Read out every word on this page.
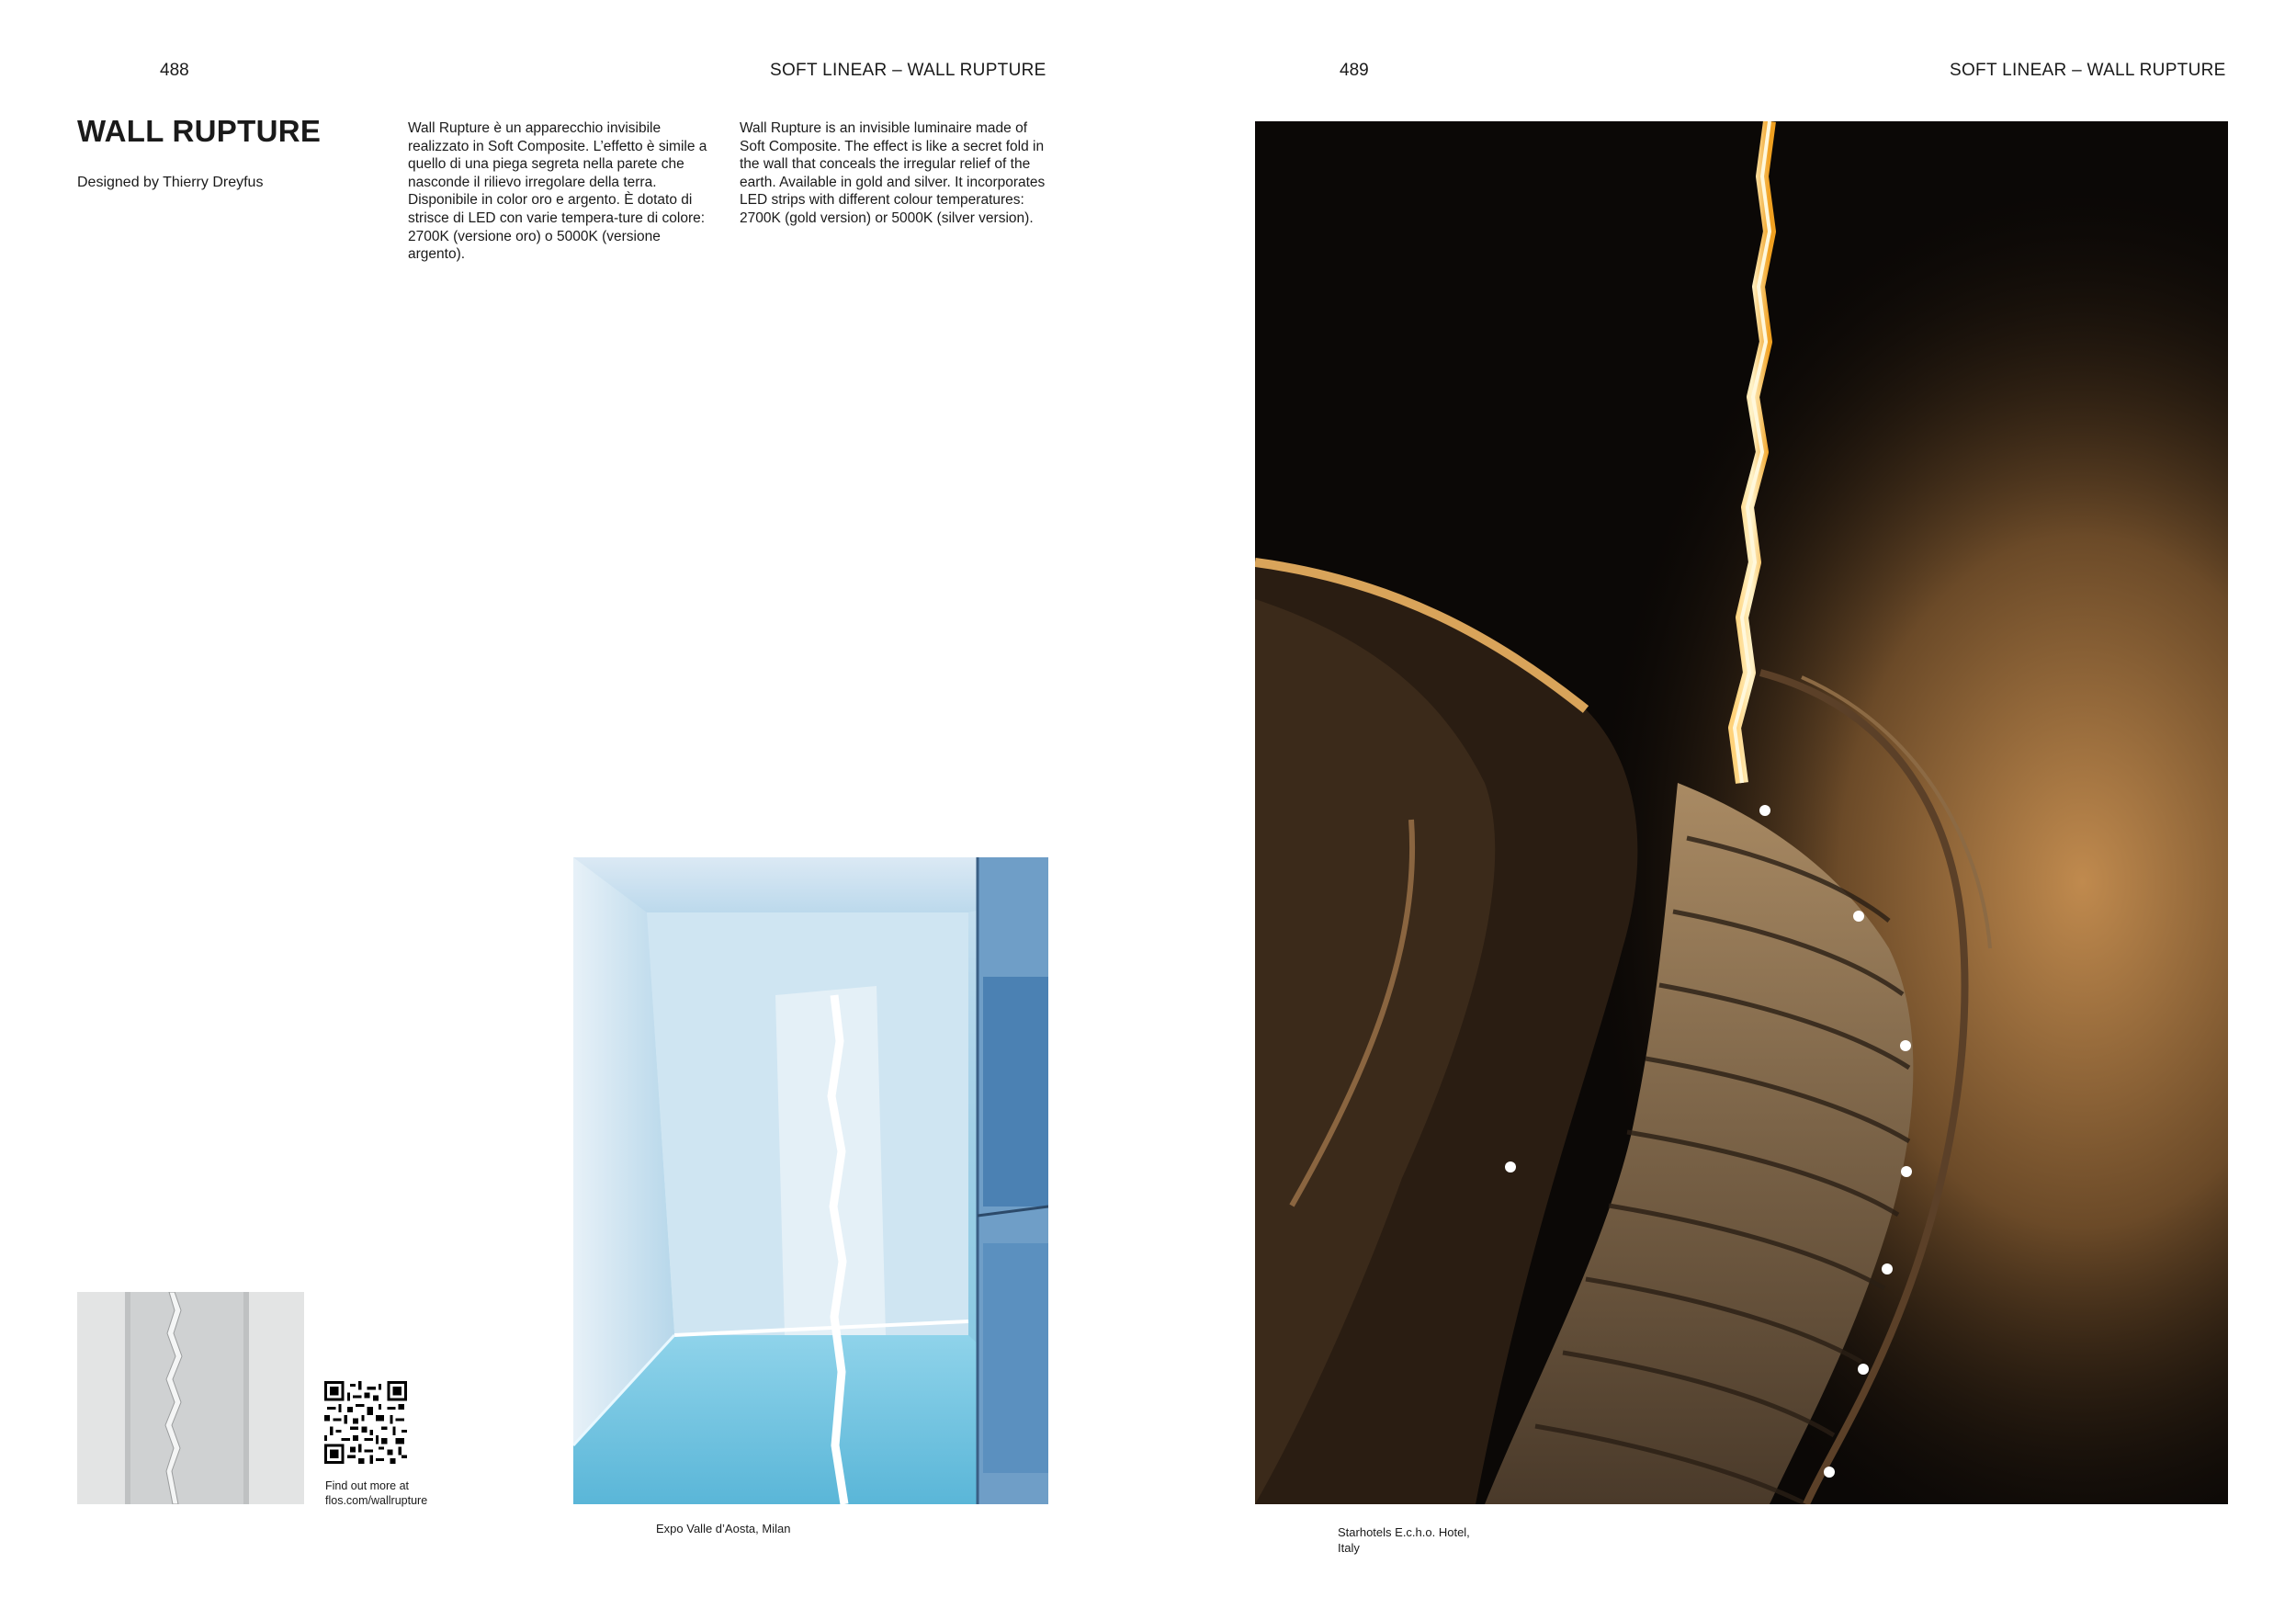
488	SOFT LINEAR – WALL RUPTURE
WALL RUPTURE
Designed by Thierry Dreyfus
Wall Rupture è un apparecchio invisibile realizzato in Soft Composite. L’effetto è simile a quello di una piega segreta nella parete che nasconde il rilievo irregolare della terra. Disponibile in color oro e argento. È dotato di strisce di LED con varie tempera-ture di colore: 2700K (versione oro) o 5000K (versione argento).
Wall Rupture is an invisible luminaire made of Soft Composite. The effect is like a secret fold in the wall that conceals the irregular relief of the earth. Available in gold and silver. It incorporates LED strips with different colour temperatures: 2700K (gold version) or 5000K (silver version).
Expo Valle d’Aosta, Milan
Find out more at
flos.com/wallrupture
489	SOFT LINEAR – WALL RUPTURE
Starhotels E.c.h.o. Hotel,
Italy
